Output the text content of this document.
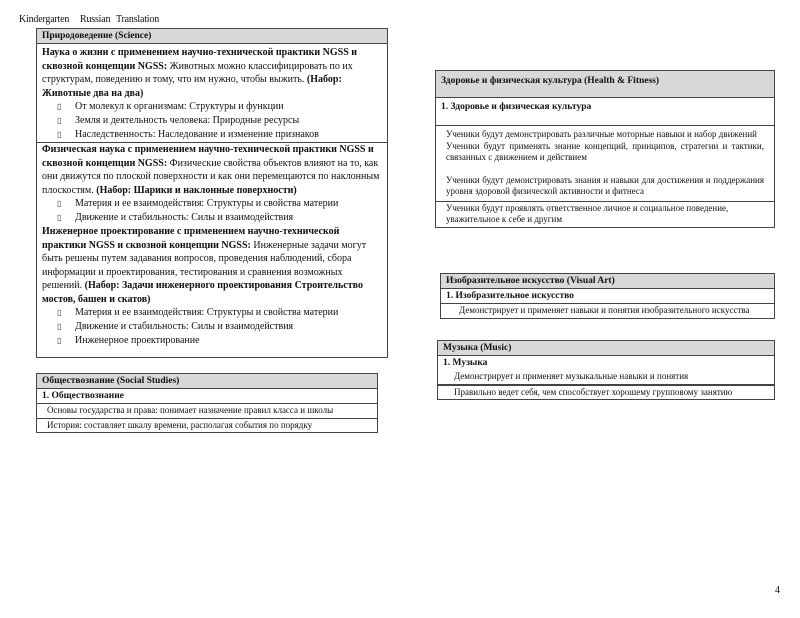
Kindergarten Russian Translation
Природоведение (Science)
Наука о жизни с применением научно-технической практики NGSS и сквозной концепции NGSS: Животных можно классифицировать по их структурам, поведению и тому, что им нужно, чтобы выжить. (Набор: Животные два на два)
▯	От молекул к организмам: Структуры и функции
▯	Земля и деятельность человека: Природные ресурсы
▯	Наследственность: Наследование и изменение признаков
Физическая наука с применением научно-технической практики NGSS и сквозной концепции NGSS: Физические свойства объектов влияют на то, как они движутся по плоской поверхности и как они перемещаются по наклонным плоскостям. (Набор: Шарики и наклонные поверхности)
▯	Материя и ее взаимодействия: Структуры и свойства материи
▯	Движение и стабильность: Силы и взаимодействия
Инженерное проектирование с применением научно-технической практики NGSS и сквозной концепции NGSS: Инженерные задачи могут быть решены путем задавания вопросов, проведения наблюдений, сбора информации и проектирования, тестирования и сравнения возможных решений. (Набор: Задачи инженерного проектирования Строительство мостов, башен и скатов)
▯	Материя и ее взаимодействия: Структуры и свойства материи
▯	Движение и стабильность: Силы и взаимодействия
▯	Инженерное проектирование
Обществознание (Social Studies)
1. Обществознание
Основы государства и права: понимает назначение правил класса и школы
История: составляет шкалу времени, располагая события по порядку
Здоровье и физическая культура (Health & Fitness)
1. Здоровье и физическая культура
Ученики будут демонстрировать различные моторные навыки и набор движений
Ученики будут применять знание концепций, принципов, стратегии и тактики, связанных с движением и действием
Ученики будут демонстрировать знания и навыки для достижения и поддержания уровня здоровой физической активности и фитнеса
Ученики будут проявлять ответственное личное и социальное поведение, уважительное к себе и другим
Изобразительное искусство (Visual Art)
1. Изобразительное искусство
Демонстрирует и применяет навыки и понятия изобразительного искусства
Музыка (Music)
1. Музыка
Демонстрирует и применяет музыкальные навыки и понятия
Правильно ведет себя, чем способствует хорошему групповому занятию
4
